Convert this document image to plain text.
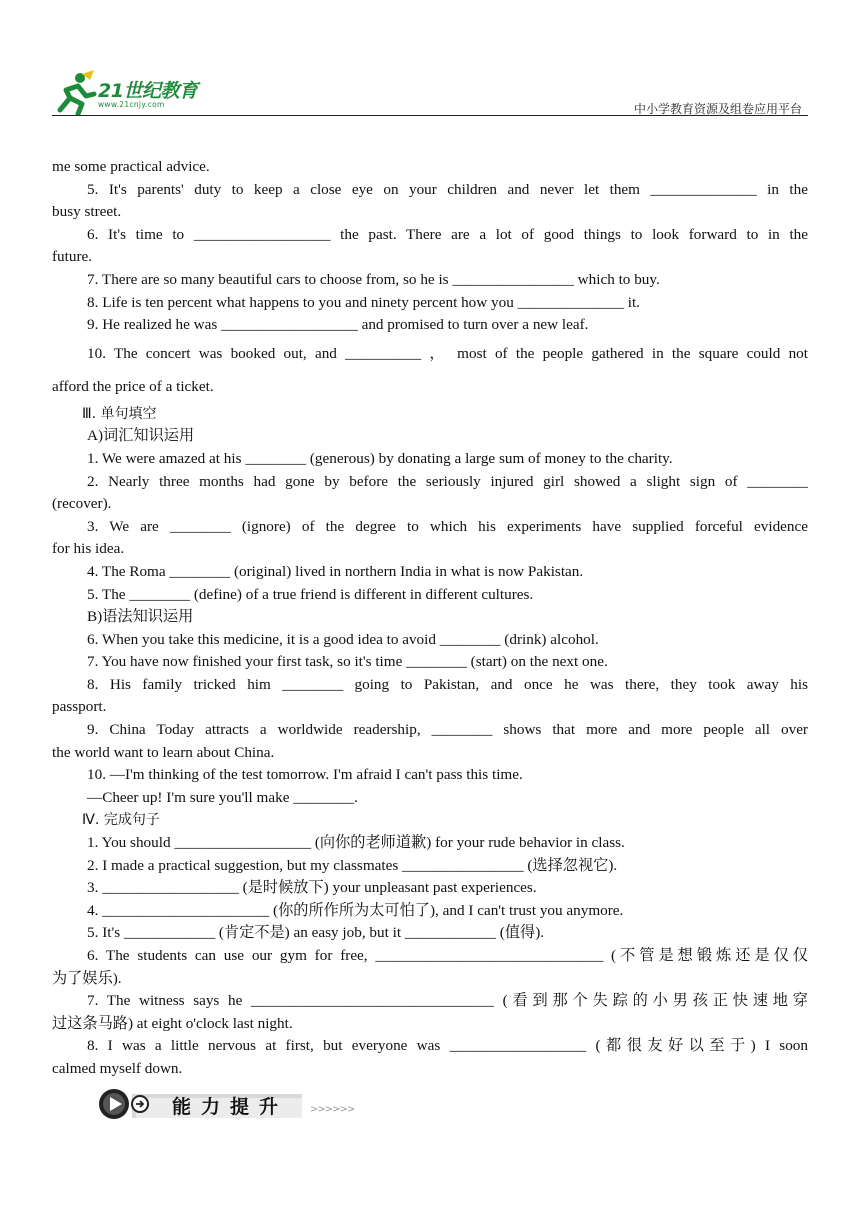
21世纪教育
www.21cnjy.com	中小学教育资源及组卷应用平台
me some practical advice.
5. It's parents' duty to keep a close eye on your children and never let them ______________ in the
busy street.
6. It's time to __________________ the past. There are a lot of good things to look forward to in the
future.
7. There are so many beautiful cars to choose from, so he is ________________ which to buy.
8. Life is ten percent what happens to you and ninety percent how you ______________ it.
9. He realized he was __________________ and promised to turn over a new leaf.
10. The concert was booked out, and __________ ， most of the people gathered in the square could not
afford the price of a ticket.
Ⅲ. 单句填空
A)词汇知识运用
1. We were amazed at his ________ (generous) by donating a large sum of money to the charity.
2. Nearly three months had gone by before the seriously injured girl showed a slight sign of ________
(recover).
3. We are ________ (ignore) of the degree to which his experiments have supplied forceful evidence
for his idea.
4. The Roma ________ (original) lived in northern India in what is now Pakistan.
5. The ________ (define) of a true friend is different in different cultures.
B)语法知识运用
6. When you take this medicine, it is a good idea to avoid ________ (drink) alcohol.
7. You have now finished your first task, so it's time ________ (start) on the next one.
8. His family tricked him ________ going to Pakistan, and once he was there, they took away his
passport.
9. China Today attracts a worldwide readership, ________ shows that more and more people all over
the world want to learn about China.
10. —I'm thinking of the test tomorrow. I'm afraid I can't pass this time.
—Cheer up! I'm sure you'll make ________.
Ⅳ. 完成句子
1. You should __________________ (向你的老师道歉) for your rude behavior in class.
2. I made a practical suggestion, but my classmates ________________ (选择忽视它).
3. __________________ (是时候放下) your unpleasant past experiences.
4. ______________________ (你的所作所为太可怕了), and I can't trust you anymore.
5. It's ____________ (肯定不是) an easy job, but it ____________ (值得).
6. The students can use our gym for free, ______________________________ (不管是想锻炼还是仅仅
为了娱乐).
7. The witness says he ________________________________ (看到那个失踪的小男孩正快速地穿
过这条马路) at eight o'clock last night.
8. I was a little nervous at first, but everyone was __________________ (都很友好以至于) I soon
calmed myself down.
能力提升 >>>>>>
